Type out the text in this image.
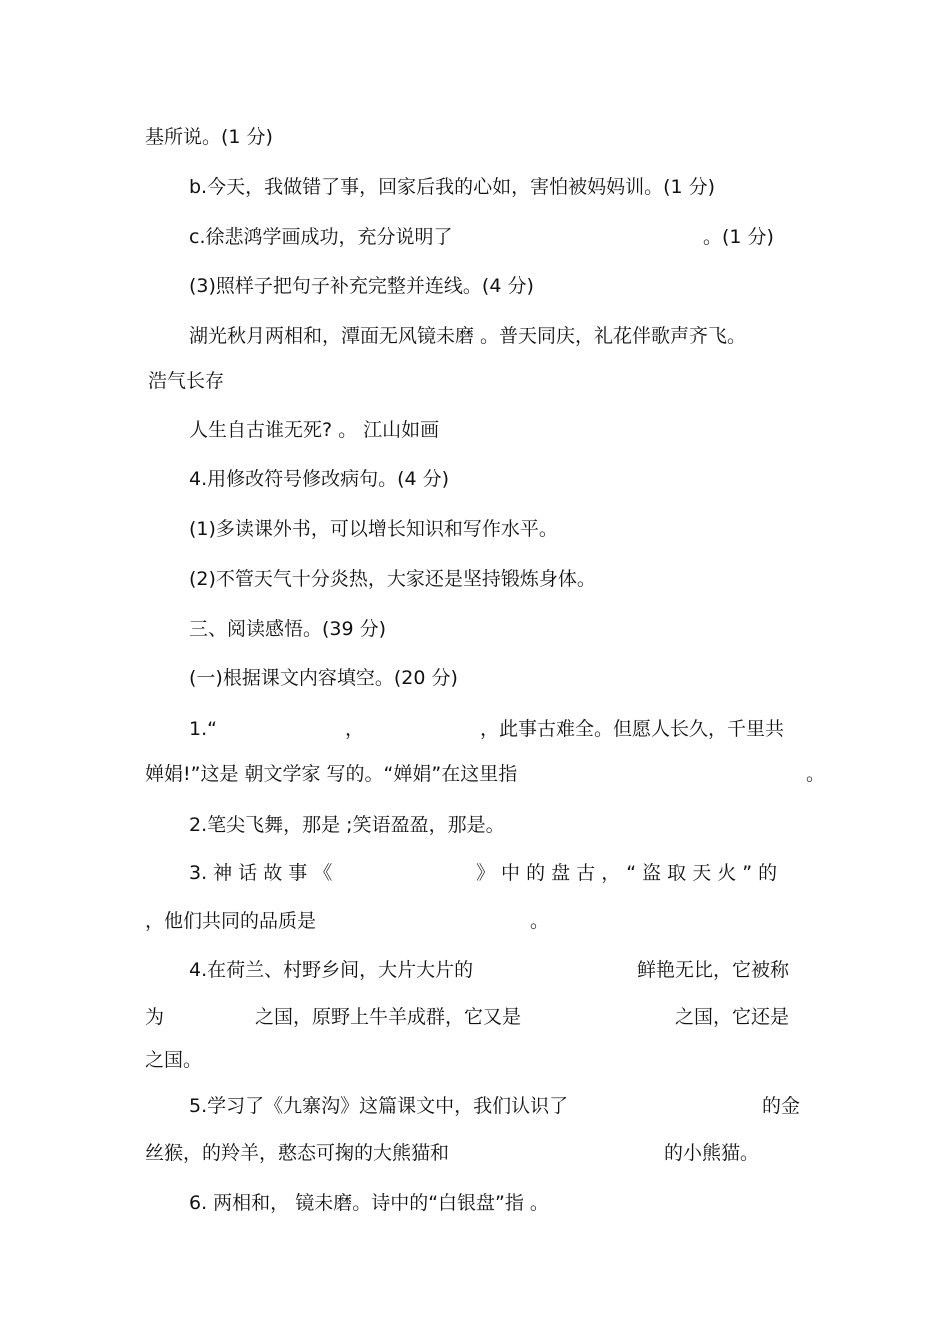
基所说。(1 分)
b.今天，我做错了事，回家后我的心如，害怕被妈妈训。(1 分)
c.徐悲鸿学画成功，充分说明了	。(1 分)
(3)照样子把句子补充完整并连线。(4 分)
湖光秋月两相和，潭面无风镜未磨 。普天同庆，礼花伴歌声齐飞。
浩气长存
人生自古谁无死? 。 江山如画
4.用修改符号修改病句。(4 分)
(1)多读课外书，可以增长知识和写作水平。
(2)不管天气十分炎热，大家还是坚持锻炼身体。
三、阅读感悟。(39 分)
(一)根据课文内容填空。(20 分)
1.“	，	，此事古难全。但愿人长久，千里共
婵娟!”这是 朝文学家 写的。“婵娟”在这里指	。
2.笔尖飞舞，那是 ;笑语盈盈，那是。
3. 神 话 故 事 《	》 中 的 盘 古 ， “ 盗 取 天 火 ” 的
，他们共同的品质是	。
4.在荷兰、村野乡间，大片大片的	鲜艳无比，它被称
为	之国，原野上牛羊成群，它又是	之国，它还是
之国。
5.学习了《九寨沟》这篇课文中，我们认识了	的金
丝猴，的羚羊，憨态可掬的大熊猫和	的小熊猫。
6. 两相和， 镜未磨。诗中的“白银盘”指 。
